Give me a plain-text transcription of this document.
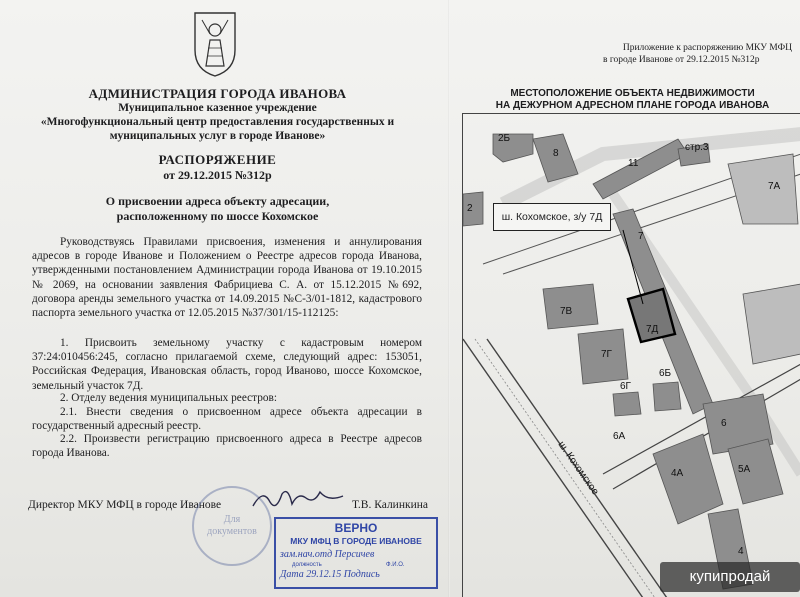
АДМИНИСТРАЦИЯ ГОРОДА ИВАНОВА
Муниципальное казенное учреждение
«Многофункциональный центр предоставления государственных и
муниципальных услуг в городе Иванове»
РАСПОРЯЖЕНИЕ
от 29.12.2015 №312р
О присвоении адреса объекту адресации,
расположенному по шоссе Кохомское
Руководствуясь Правилами присвоения, изменения и аннулирования адресов в городе Иванове и Положением о Реестре адресов города Иванова, утвержденными постановлением Администрации города Иванова от 19.10.2015 № 2069, на основании заявления Фабрициева С. А. от 15.12.2015 №692, договора аренды земельного участка от 14.09.2015 №С-3/01-1812, кадастрового паспорта земельного участка от 12.05.2015 №37/301/15-112125:
1. Присвоить земельному участку с кадастровым номером 37:24:010456:245, согласно прилагаемой схеме, следующий адрес: 153051, Российская Федерация, Ивановская область, город Иваново, шоссе Кохомское, земельный участок 7Д.
2. Отделу ведения муниципальных реестров:
2.1. Внести сведения о присвоенном адресе объекта адресации в государственный адресный реестр.
2.2. Произвести регистрацию присвоенного адреса в Реестре адресов города Иванова.
Директор МКУ МФЦ в городе Иванове	Т.В. Калинкина
Для
документов	ВЕРНО
МКУ МФЦ В ГОРОДЕ ИВАНОВЕ
зам.нач.отд Персичев
должность	Ф.И.О.
Дата 29.12.15 Подпись
Приложение к распоряжению МКУ МФЦ
в городе Иванове от 29.12.2015 №312р
МЕСТОПОЛОЖЕНИЕ ОБЪЕКТА НЕДВИЖИМОСТИ
НА ДЕЖУРНОМ АДРЕСНОМ ПЛАНЕ ГОРОДА ИВАНОВА
2Б
8
11
стр.3
7А
2
7
7В
7Д
7Г
6Г
6Б
6А
6
4А	5А
4
ш. Кохомское
ш. Кохомское, з/у 7Д
купипродай
